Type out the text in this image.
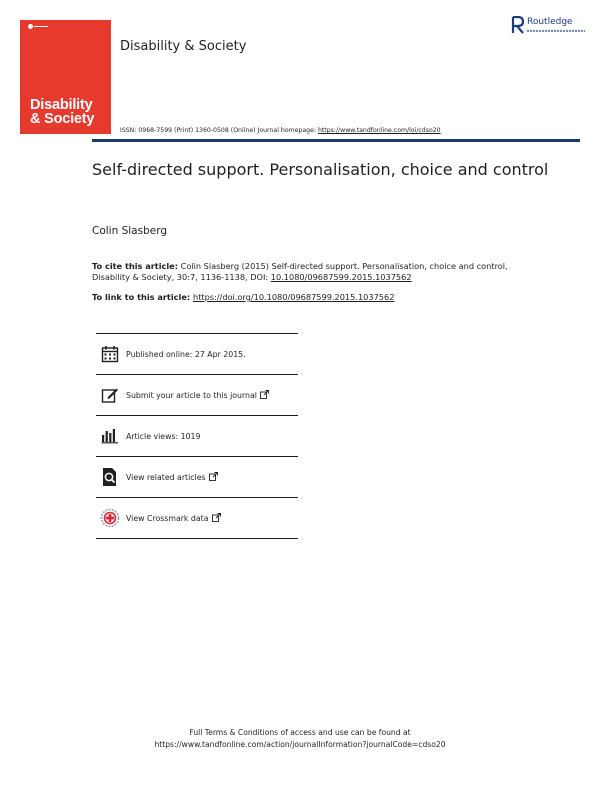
Disability
& Society
Disability & Society
Routledge
ISSN: 0968-7599 (Print) 1360-0508 (Online) Journal homepage: https://www.tandfonline.com/loi/cdso20
Self-directed support. Personalisation, choice and control
Colin Slasberg
To cite this article: Colin Slasberg (2015) Self-directed support. Personalisation, choice and control, Disability & Society, 30:7, 1136-1138, DOI: 10.1080/09687599.2015.1037562
To link to this article: https://doi.org/10.1080/09687599.2015.1037562
Published online: 27 Apr 2015.
Submit your article to this journal
Article views: 1019
View related articles
View Crossmark data
Full Terms & Conditions of access and use can be found at
https://www.tandfonline.com/action/journalInformation?journalCode=cdso20
